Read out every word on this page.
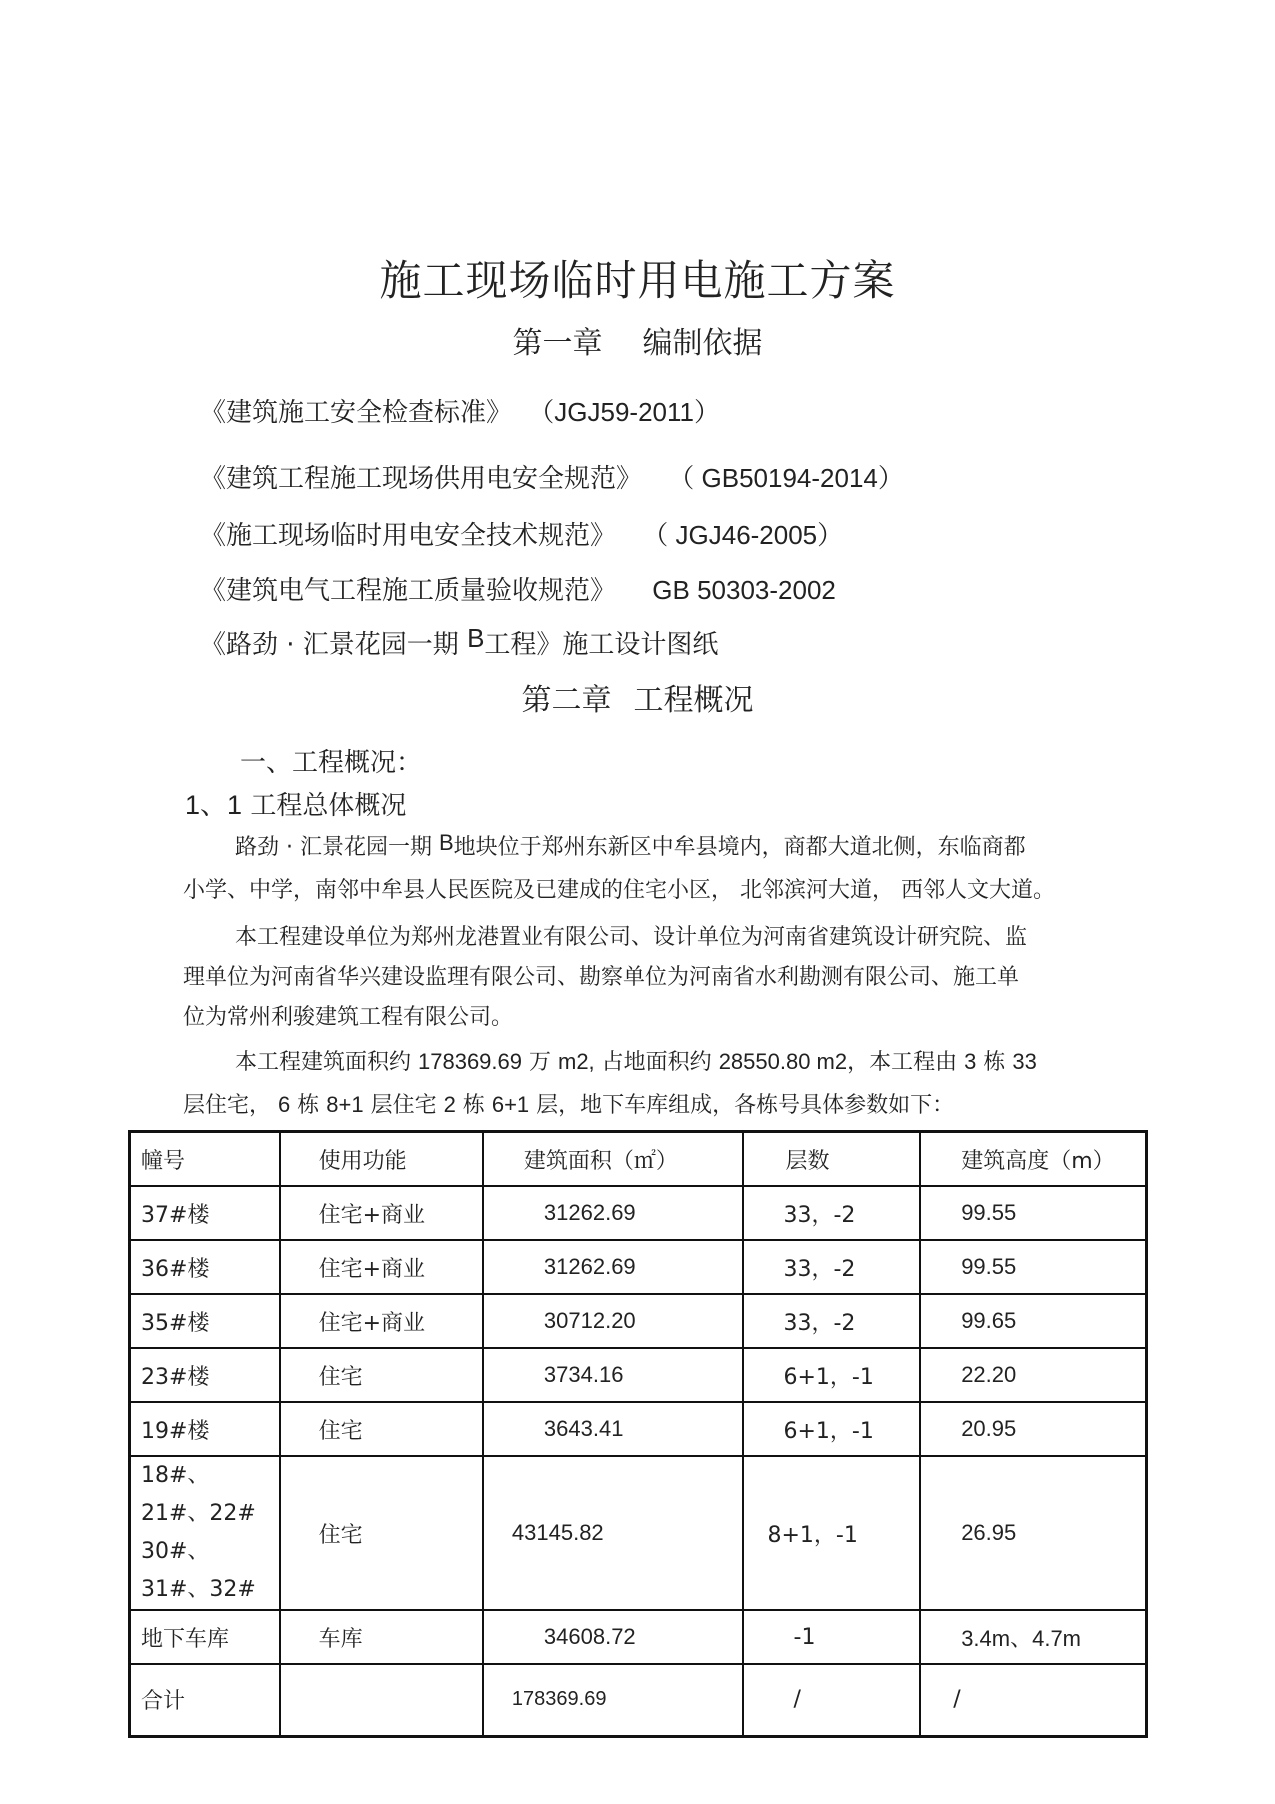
施工现场临时用电施工方案
第一章 编制依据
《建筑施工安全检查标准》 （JGJ59-2011）
《建筑工程施工现场供用电安全规范》 （ GB50194-2014）
《施工现场临时用电安全技术规范》 （ JGJ46-2005）
《建筑电气工程施工质量验收规范》 GB 50303-2002
《路劲 · 汇景花园一期 B工程》施工设计图纸
第二章 工程概况
一、工程概况：
1、1 工程总体概况
路劲 · 汇景花园一期 B地块位于郑州东新区中牟县境内，商都大道北侧，东临商都
小学、中学，南邻中牟县人民医院及已建成的住宅小区， 北邻滨河大道， 西邻人文大道。
本工程建设单位为郑州龙港置业有限公司、设计单位为河南省建筑设计研究院、监
理单位为河南省华兴建设监理有限公司、勘察单位为河南省水利勘测有限公司、施工单
位为常州利骏建筑工程有限公司。
本工程建筑面积约 178369.69 万 m2, 占地面积约 28550.80 m2，本工程由 3 栋 33
层住宅， 6 栋 8+1 层住宅 2 栋 6+1 层，地下车库组成，各栋号具体参数如下：
幢号	使用功能	建筑面积（㎡）	层数	建筑高度（m）
37#楼	住宅+商业	31262.69	33，-2	99.55
36#楼	住宅+商业	31262.69	33，-2	99.55
35#楼	住宅+商业	30712.20	33，-2	99.65
23#楼	住宅	3734.16	6+1，-1	22.20
19#楼	住宅	3643.41	6+1，-1	20.95

18#、21#、22#
30#、31#、32#	住宅	43145.82	8+1，-1	26.95
地下车库	车库	34608.72	-1	3.4m、4.7m
合计		178369.69	/	/
